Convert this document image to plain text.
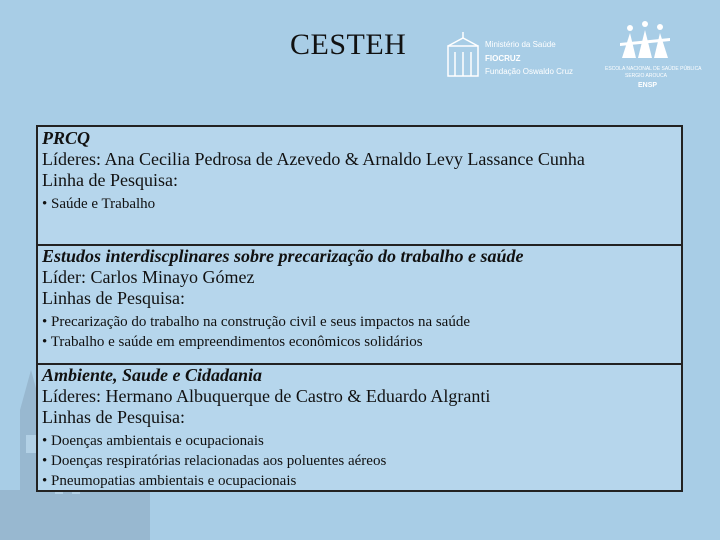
CESTEH	Ministério da Saúde
FIOCRUZ
Fundação Oswaldo Cruz	ESCOLA NACIONAL DE SAÚDE PÚBLICA
SERGIO AROUCA
ENSP
PRCQ
Líderes: Ana Cecilia Pedrosa de Azevedo & Arnaldo Levy Lassance Cunha
Linha de Pesquisa:
• Saúde e Trabalho
Estudos interdiscplinares sobre precarização do trabalho e saúde
Líder: Carlos Minayo Gómez
Linhas de Pesquisa:
• Precarização do trabalho na construção civil e seus impactos na saúde
• Trabalho e saúde em empreendimentos econômicos solidários
Ambiente, Saude e Cidadania
Líderes: Hermano Albuquerque de Castro & Eduardo Algranti
Linhas de Pesquisa:
• Doenças ambientais e ocupacionais
• Doenças respiratórias relacionadas aos poluentes aéreos
• Pneumopatias ambientais e ocupacionais
